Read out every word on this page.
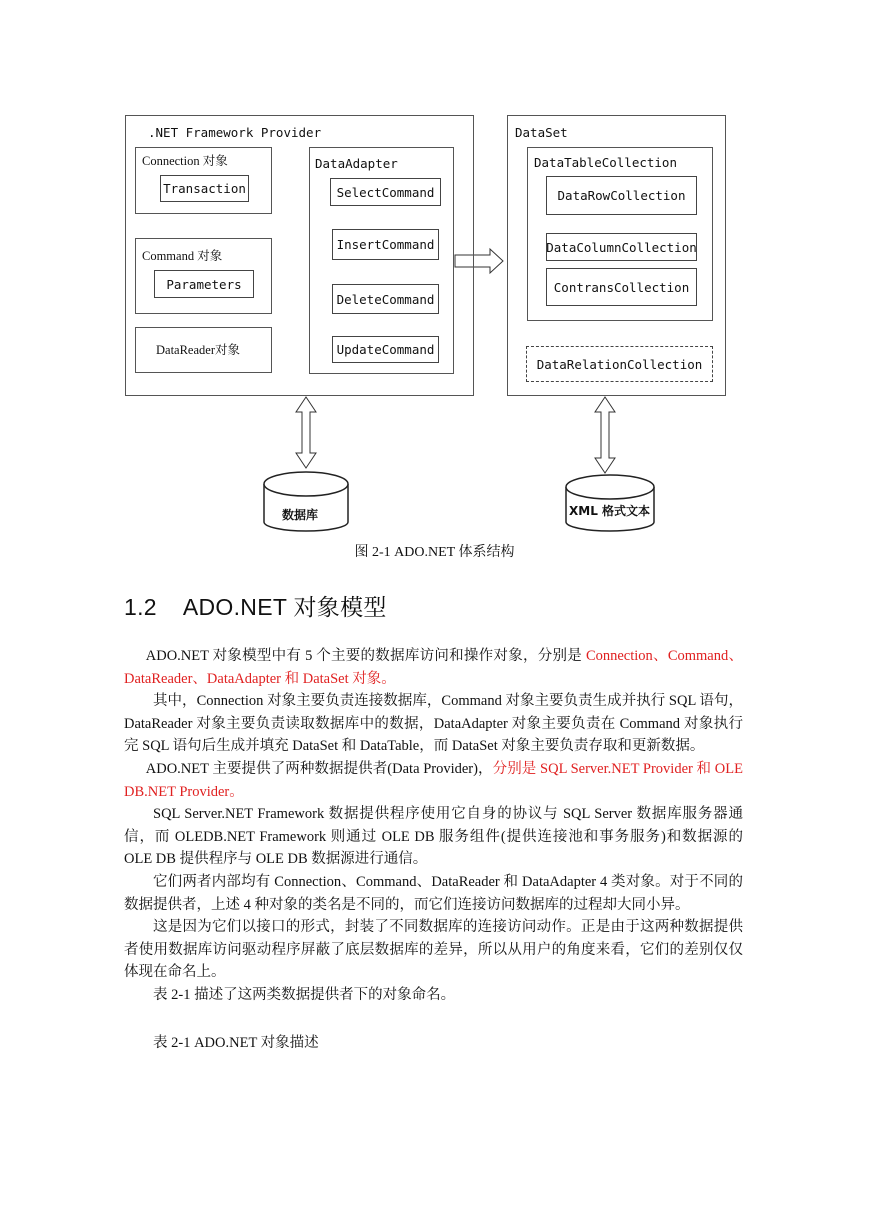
.NET Framework Provider
Connection 对象
Transaction
Command 对象
Parameters
DataReader对象
DataAdapter
SelectCommand
InsertCommand
DeleteCommand
UpdateCommand
DataSet
DataTableCollection
DataRowCollection
DataColumnCollection
ContransCollection
DataRelationCollection
数据库	XML 格式文本
图 2-1 ADO.NET 体系结构
1.2 ADO.NET 对象模型

ADO.NET 对象模型中有 5 个主要的数据库访问和操作对象，分别是 Connection、Command、DataReader、DataAdapter 和 DataSet 对象。

其中，Connection 对象主要负责连接数据库，Command 对象主要负责生成并执行 SQL 语句，DataReader 对象主要负责读取数据库中的数据，DataAdapter 对象主要负责在 Command 对象执行完 SQL 语句后生成并填充 DataSet 和 DataTable，而 DataSet 对象主要负责存取和更新数据。

ADO.NET 主要提供了两种数据提供者(Data Provider)，分别是 SQL Server.NET Provider 和 OLE DB.NET Provider。

SQL Server.NET Framework 数据提供程序使用它自身的协议与 SQL Server 数据库服务器通信，而 OLEDB.NET Framework 则通过 OLE DB 服务组件(提供连接池和事务服务)和数据源的 OLE DB 提供程序与 OLE DB 数据源进行通信。

它们两者内部均有 Connection、Command、DataReader 和 DataAdapter 4 类对象。对于不同的数据提供者，上述 4 种对象的类名是不同的，而它们连接访问数据库的过程却大同小异。

这是因为它们以接口的形式，封装了不同数据库的连接访问动作。正是由于这两种数据提供者使用数据库访问驱动程序屏蔽了底层数据库的差异，所以从用户的角度来看，它们的差别仅仅体现在命名上。

表 2-1 描述了这两类数据提供者下的对象命名。

表 2-1 ADO.NET 对象描述
